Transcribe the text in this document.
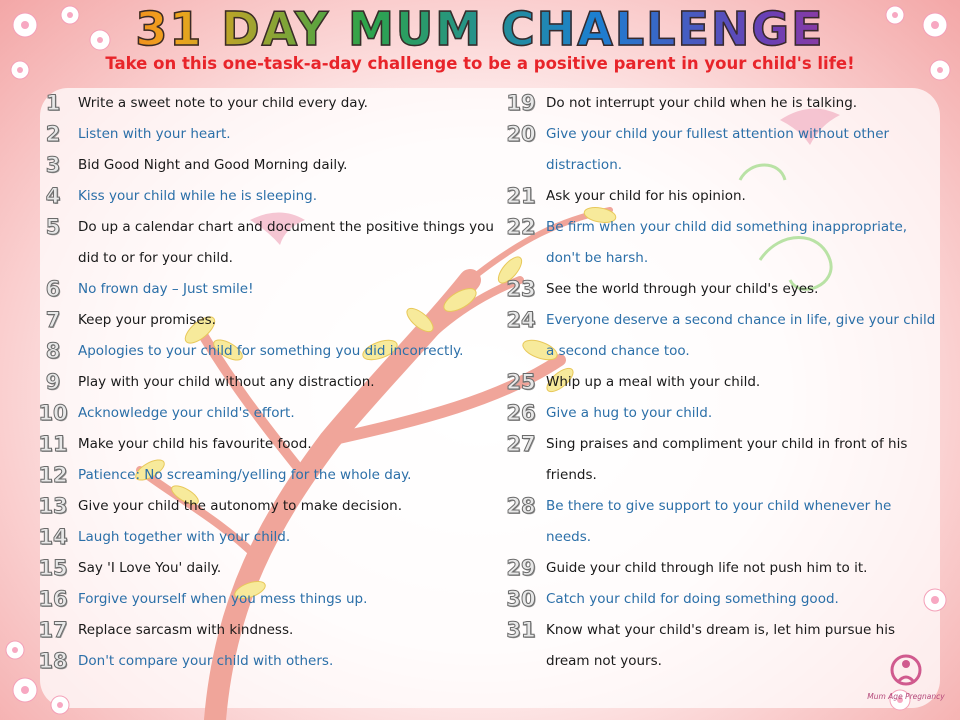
31 DAY MUM CHALLENGE
Take on this one-task-a-day challenge to be a positive parent in your child's life!
1	Write a sweet note to your child every day.
2	Listen with your heart.
3	Bid Good Night and Good Morning daily.
4	Kiss your child while he is sleeping.
5	Do up a calendar chart and document the positive things you did to or for your child.
6	No frown day – Just smile!
7	Keep your promises.
8	Apologies to your child for something you did incorrectly.
9	Play with your child without any distraction.
10 Acknowledge your child's effort.
11 Make your child his favourite food.
12 Patience: No screaming/yelling for the whole day.
13 Give your child the autonomy to make decision.
14 Laugh together with your child.
15 Say 'I Love You' daily.
16 Forgive yourself when you mess things up.
17 Replace sarcasm with kindness.
18 Don't compare your child with others.
19 Do not interrupt your child when he is talking.
20 Give your child your fullest attention without other distraction.
21 Ask your child for his opinion.
22 Be firm when your child did something inappropriate, don't be harsh.
23 See the world through your child's eyes.
24 Everyone deserve a second chance in life, give your child a second chance too.
25 Whip up a meal with your child.
26 Give a hug to your child.
27 Sing praises and compliment your child in front of his friends.
28 Be there to give support to your child whenever he needs.
29 Guide your child through life not push him to it.
30 Catch your child for doing something good.
31 Know what your child's dream is, let him pursue his dream not yours.
Mum Age Pregnancy
